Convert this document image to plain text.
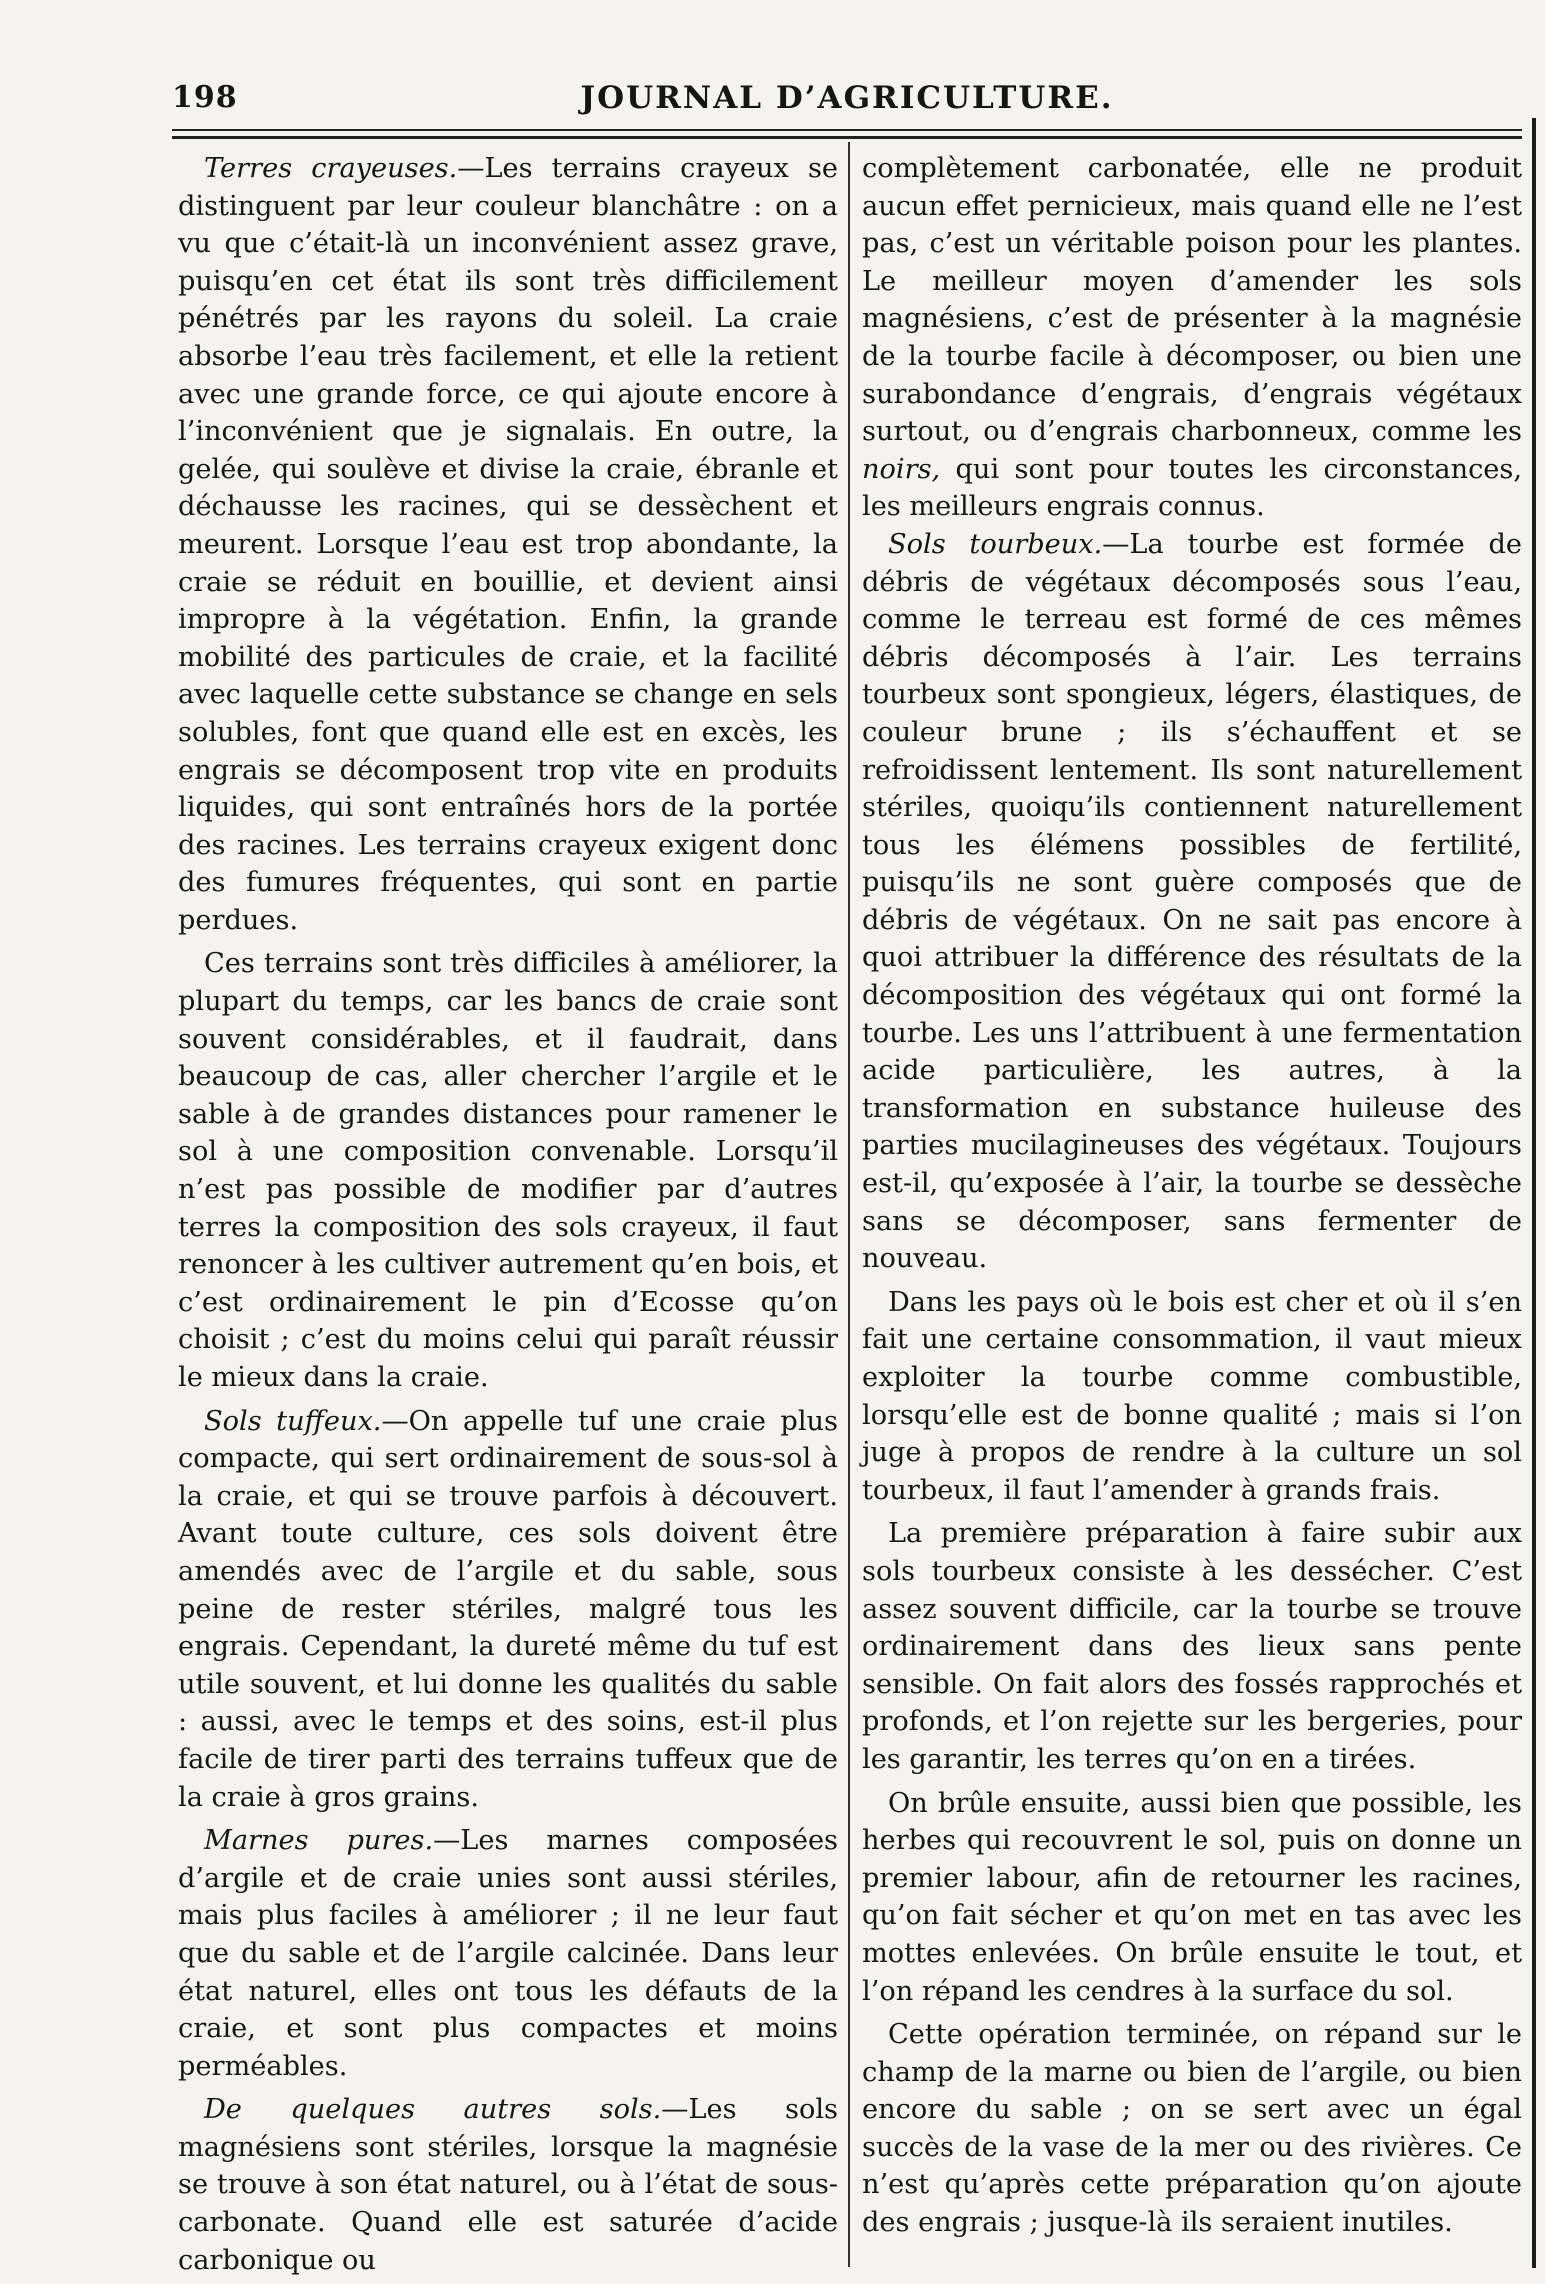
198	JOURNAL D’AGRICULTURE.

Terres crayeuses.—Les terrains crayeux se distinguent par leur couleur blanchâtre : on a vu que c’était-là un inconvénient assez grave, puisqu’en cet état ils sont très difficilement pénétrés par les rayons du soleil. La craie absorbe l’eau très facilement, et elle la retient avec une grande force, ce qui ajoute encore à l’inconvénient que je signalais. En outre, la gelée, qui soulève et divise la craie, ébranle et déchausse les racines, qui se dessèchent et meurent. Lorsque l’eau est trop abondante, la craie se réduit en bouillie, et devient ainsi impropre à la végétation. Enfin, la grande mobilité des particules de craie, et la facilité avec laquelle cette substance se change en sels solubles, font que quand elle est en excès, les engrais se décomposent trop vite en produits liquides, qui sont entraînés hors de la portée des racines. Les terrains crayeux exigent donc des fumures fréquentes, qui sont en partie perdues.

Ces terrains sont très difficiles à améliorer, la plupart du temps, car les bancs de craie sont souvent considérables, et il faudrait, dans beaucoup de cas, aller chercher l’argile et le sable à de grandes distances pour ramener le sol à une composition convenable. Lorsqu’il n’est pas possible de modifier par d’autres terres la composition des sols crayeux, il faut renoncer à les cultiver autrement qu’en bois, et c’est ordinairement le pin d’Ecosse qu’on choisit ; c’est du moins celui qui paraît réussir le mieux dans la craie.

Sols tuffeux.—On appelle tuf une craie plus compacte, qui sert ordinairement de sous-sol à la craie, et qui se trouve parfois à découvert. Avant toute culture, ces sols doivent être amendés avec de l’argile et du sable, sous peine de rester stériles, malgré tous les engrais. Cependant, la dureté même du tuf est utile souvent, et lui donne les qualités du sable : aussi, avec le temps et des soins, est-il plus facile de tirer parti des terrains tuffeux que de la craie à gros grains.

Marnes pures.—Les marnes composées d’argile et de craie unies sont aussi stériles, mais plus faciles à améliorer ; il ne leur faut que du sable et de l’argile calcinée. Dans leur état naturel, elles ont tous les défauts de la craie, et sont plus compactes et moins perméables.

De quelques autres sols.—Les sols magnésiens sont stériles, lorsque la magnésie se trouve à son état naturel, ou à l’état de sous-carbonate. Quand elle est saturée d’acide carbonique ou

complètement carbonatée, elle ne produit aucun effet pernicieux, mais quand elle ne l’est pas, c’est un véritable poison pour les plantes. Le meilleur moyen d’amender les sols magnésiens, c’est de présenter à la magnésie de la tourbe facile à décomposer, ou bien une surabondance d’engrais, d’engrais végétaux surtout, ou d’engrais charbonneux, comme les noirs, qui sont pour toutes les circonstances, les meilleurs engrais connus.

Sols tourbeux.—La tourbe est formée de débris de végétaux décomposés sous l’eau, comme le terreau est formé de ces mêmes débris décomposés à l’air. Les terrains tourbeux sont spongieux, légers, élastiques, de couleur brune ; ils s’échauffent et se refroidissent lentement. Ils sont naturellement stériles, quoiqu’ils contiennent naturellement tous les élémens possibles de fertilité, puisqu’ils ne sont guère composés que de débris de végétaux. On ne sait pas encore à quoi attribuer la différence des résultats de la décomposition des végétaux qui ont formé la tourbe. Les uns l’attribuent à une fermentation acide particulière, les autres, à la transformation en substance huileuse des parties mucilagineuses des végétaux. Toujours est-il, qu’exposée à l’air, la tourbe se dessèche sans se décomposer, sans fermenter de nouveau.

Dans les pays où le bois est cher et où il s’en fait une certaine consommation, il vaut mieux exploiter la tourbe comme combustible, lorsqu’elle est de bonne qualité ; mais si l’on juge à propos de rendre à la culture un sol tourbeux, il faut l’amender à grands frais.

La première préparation à faire subir aux sols tourbeux consiste à les dessécher. C’est assez souvent difficile, car la tourbe se trouve ordinairement dans des lieux sans pente sensible. On fait alors des fossés rapprochés et profonds, et l’on rejette sur les bergeries, pour les garantir, les terres qu’on en a tirées.

On brûle ensuite, aussi bien que possible, les herbes qui recouvrent le sol, puis on donne un premier labour, afin de retourner les racines, qu’on fait sécher et qu’on met en tas avec les mottes enlevées. On brûle ensuite le tout, et l’on répand les cendres à la surface du sol.

Cette opération terminée, on répand sur le champ de la marne ou bien de l’argile, ou bien encore du sable ; on se sert avec un égal succès de la vase de la mer ou des rivières. Ce n’est qu’après cette préparation qu’on ajoute des engrais ; jusque-là ils seraient inutiles.
